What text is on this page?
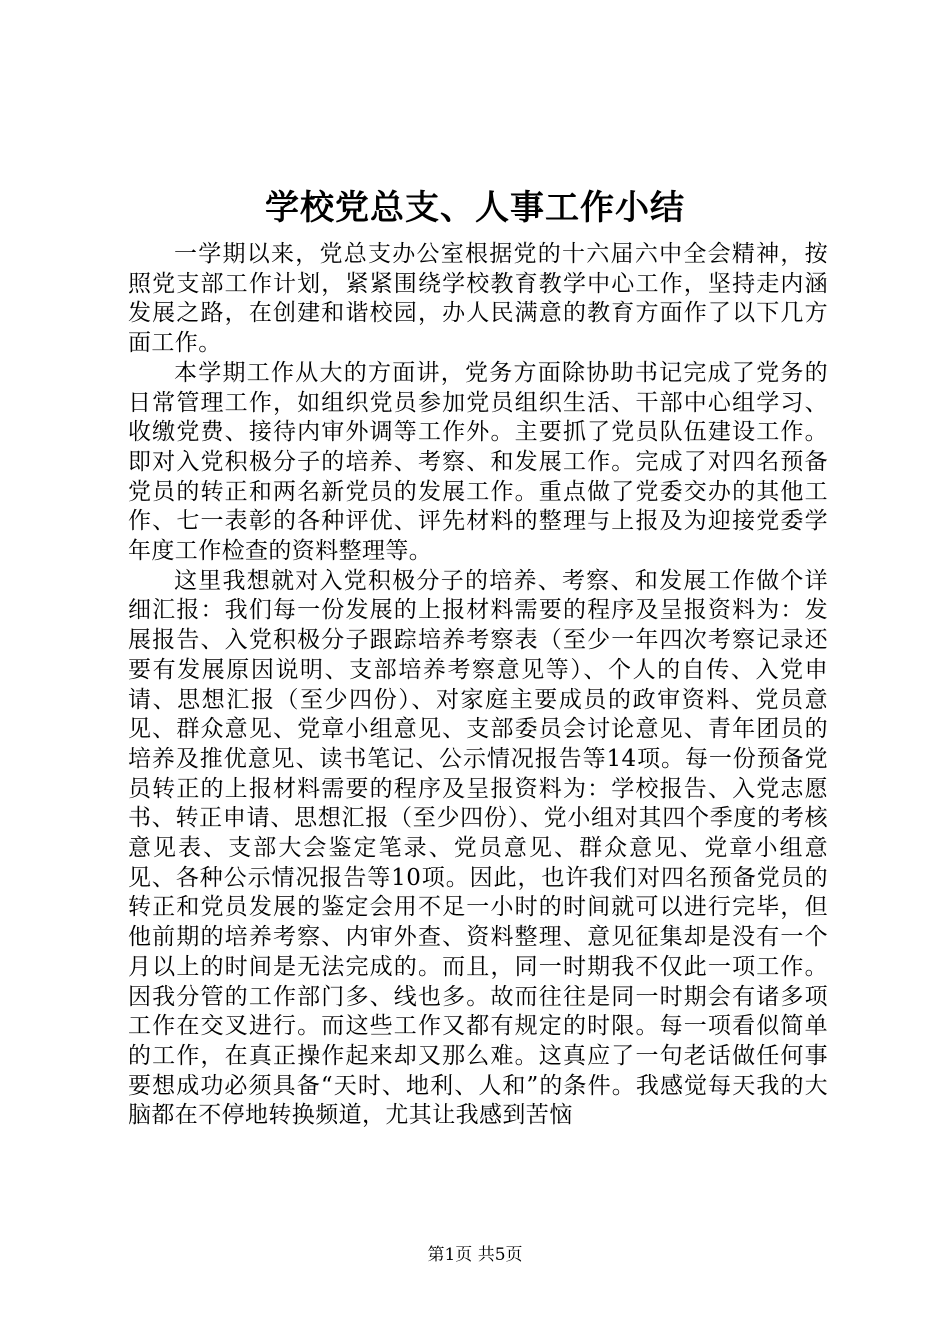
学校党总支、人事工作小结

一学期以来，党总支办公室根据党的十六届六中全会精神，按照党支部工作计划，紧紧围绕学校教育教学中心工作，坚持走内涵发展之路，在创建和谐校园，办人民满意的教育方面作了以下几方面工作。

本学期工作从大的方面讲，党务方面除协助书记完成了党务的日常管理工作，如组织党员参加党员组织生活、干部中心组学习、收缴党费、接待内审外调等工作外。主要抓了党员队伍建设工作。即对入党积极分子的培养、考察、和发展工作。完成了对四名预备党员的转正和两名新党员的发展工作。重点做了党委交办的其他工作、七一表彰的各种评优、评先材料的整理与上报及为迎接党委学年度工作检查的资料整理等。

这里我想就对入党积极分子的培养、考察、和发展工作做个详细汇报：我们每一份发展的上报材料需要的程序及呈报资料为：发展报告、入党积极分子跟踪培养考察表（至少一年四次考察记录还要有发展原因说明、支部培养考察意见等）、个人的自传、入党申请、思想汇报（至少四份）、对家庭主要成员的政审资料、党员意见、群众意见、党章小组意见、支部委员会讨论意见、青年团员的培养及推优意见、读书笔记、公示情况报告等14项。每一份预备党员转正的上报材料需要的程序及呈报资料为：学校报告、入党志愿书、转正申请、思想汇报（至少四份）、党小组对其四个季度的考核意见表、支部大会鉴定笔录、党员意见、群众意见、党章小组意见、各种公示情况报告等10项。因此，也许我们对四名预备党员的转正和党员发展的鉴定会用不足一小时的时间就可以进行完毕，但他前期的培养考察、内审外查、资料整理、意见征集却是没有一个月以上的时间是无法完成的。而且，同一时期我不仅此一项工作。因我分管的工作部门多、线也多。故而往往是同一时期会有诸多项工作在交叉进行。而这些工作又都有规定的时限。每一项看似简单的工作，在真正操作起来却又那么难。这真应了一句老话做任何事要想成功必须具备“天时、地利、人和”的条件。我感觉每天我的大脑都在不停地转换频道，尤其让我感到苦恼

第1页 共5页
